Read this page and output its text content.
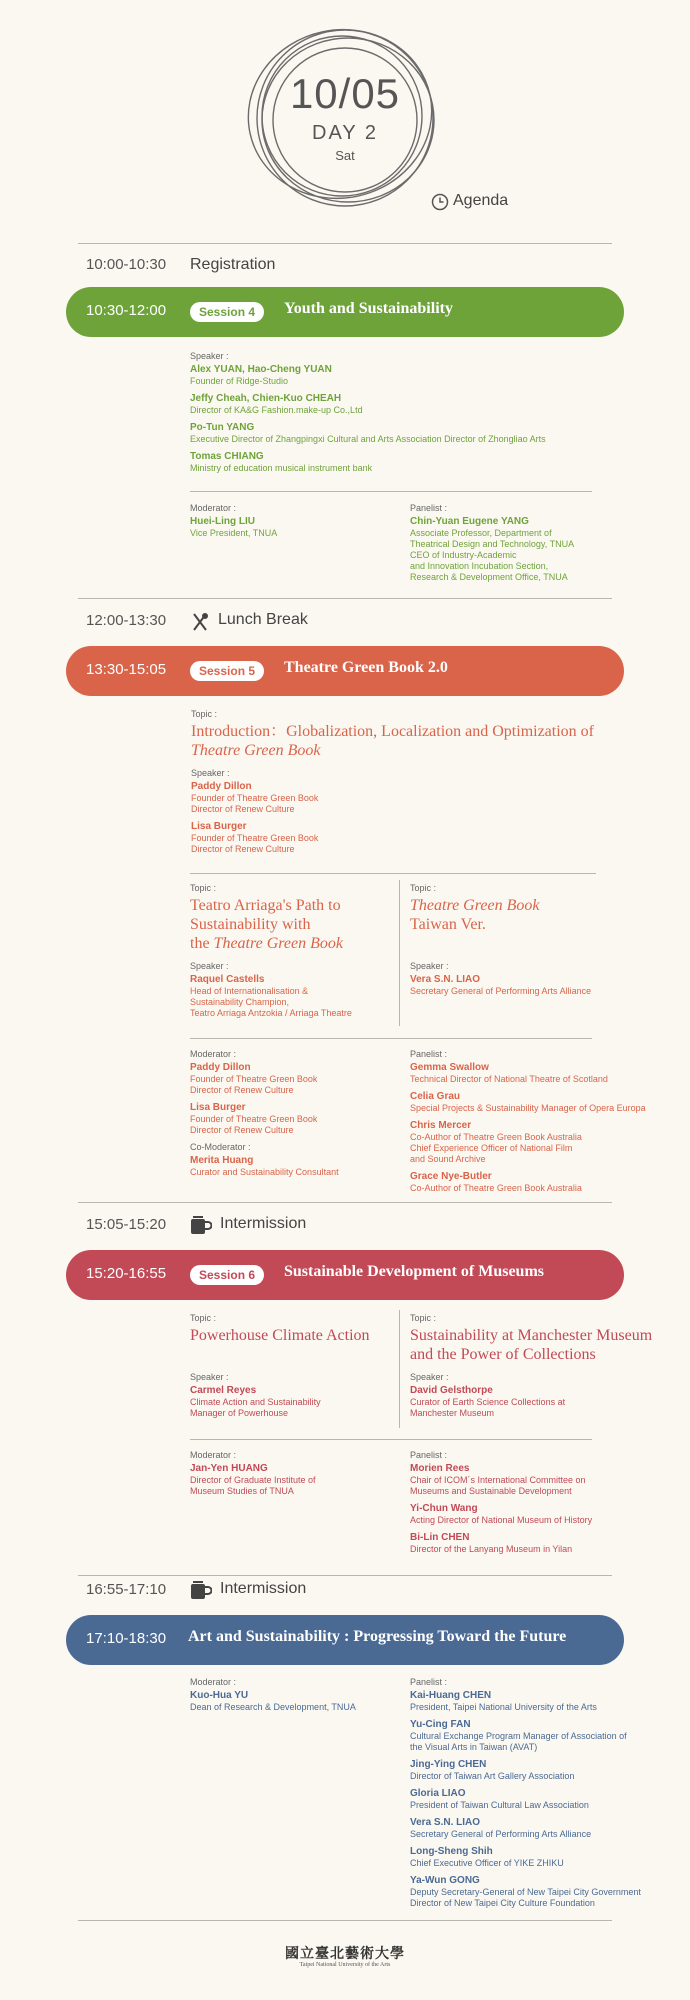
10/05
DAY 2
Sat
Agenda
10:00-10:30 Registration
10:30-12:00	Session 4	Youth and Sustainability
Speaker :
Alex YUAN, Hao-Cheng YUAN
Founder of Ridge-Studio
Jeffy Cheah, Chien-Kuo CHEAH
Director of KA&G Fashion.make-up Co.,Ltd
Po-Tun YANG
Executive Director of Zhangpingxi Cultural and Arts Association Director of Zhongliao Arts
Tomas CHIANG
Ministry of education musical instrument bank
Moderator :
Huei-Ling LIU
Vice President, TNUA
Panelist :
Chin-Yuan Eugene YANG
Associate Professor, Department of
Theatrical Design and Technology, TNUA
CEO of Industry-Academic
and Innovation Incubation Section,
Research & Development Office, TNUA
12:00-13:30	Lunch Break
13:30-15:05	Session 5	Theatre Green Book 2.0
Topic :
Introduction：Globalization, Localization and Optimization of
Theatre Green Book
Speaker :
Paddy Dillon
Founder of Theatre Green Book
Director of Renew Culture
Lisa Burger
Founder of Theatre Green Book
Director of Renew Culture
Topic :
Teatro Arriaga's Path to
Sustainability with
the Theatre Green Book
Speaker :
Raquel Castells
Head of Internationalisation &
Sustainability Champion,
Teatro Arriaga Antzokia / Arriaga Theatre
Topic :
Theatre Green Book
Taiwan Ver.
Speaker :
Vera S.N. LIAO
Secretary General of Performing Arts Alliance
Moderator :
Paddy Dillon
Founder of Theatre Green Book
Director of Renew Culture
Lisa Burger
Founder of Theatre Green Book
Director of Renew Culture
Co-Moderator :
Merita Huang
Curator and Sustainability Consultant
Panelist :
Gemma Swallow
Technical Director of National Theatre of Scotland
Celia Grau
Special Projects & Sustainability Manager of Opera Europa
Chris Mercer
Co-Author of Theatre Green Book Australia
Chief Experience Officer of National Film
and Sound Archive
Grace Nye-Butler
Co-Author of Theatre Green Book Australia
15:05-15:20	Intermission
15:20-16:55	Session 6	Sustainable Development of Museums
Topic :
Powerhouse Climate Action
Speaker :
Carmel Reyes
Climate Action and Sustainability
Manager of Powerhouse
Topic :
Sustainability at Manchester Museum
and the Power of Collections
Speaker :
David Gelsthorpe
Curator of Earth Science Collections at
Manchester Museum
Moderator :
Jan-Yen HUANG
Director of Graduate Institute of
Museum Studies of TNUA
Panelist :
Morien Rees
Chair of ICOM´s International Committee on
Museums and Sustainable Development
Yi-Chun Wang
Acting Director of National Museum of History
Bi-Lin CHEN
Director of the Lanyang Museum in Yilan
16:55-17:10	Intermission
17:10-18:30 Art and Sustainability : Progressing Toward the Future
Moderator :
Kuo-Hua YU
Dean of Research & Development, TNUA
Panelist :
Kai-Huang CHEN
President, Taipei National University of the Arts
Yu-Cing FAN
Cultural Exchange Program Manager of Association of
the Visual Arts in Taiwan (AVAT)
Jing-Ying CHEN
Director of Taiwan Art Gallery Association
Gloria LIAO
President of Taiwan Cultural Law Association
Vera S.N. LIAO
Secretary General of Performing Arts Alliance
Long-Sheng Shih
Chief Executive Officer of YIKE ZHIKU
Ya-Wun GONG
Deputy Secretary-General of New Taipei City Government
Director of New Taipei City Culture Foundation
國立臺北藝術大學
Taipei National University of the Arts
